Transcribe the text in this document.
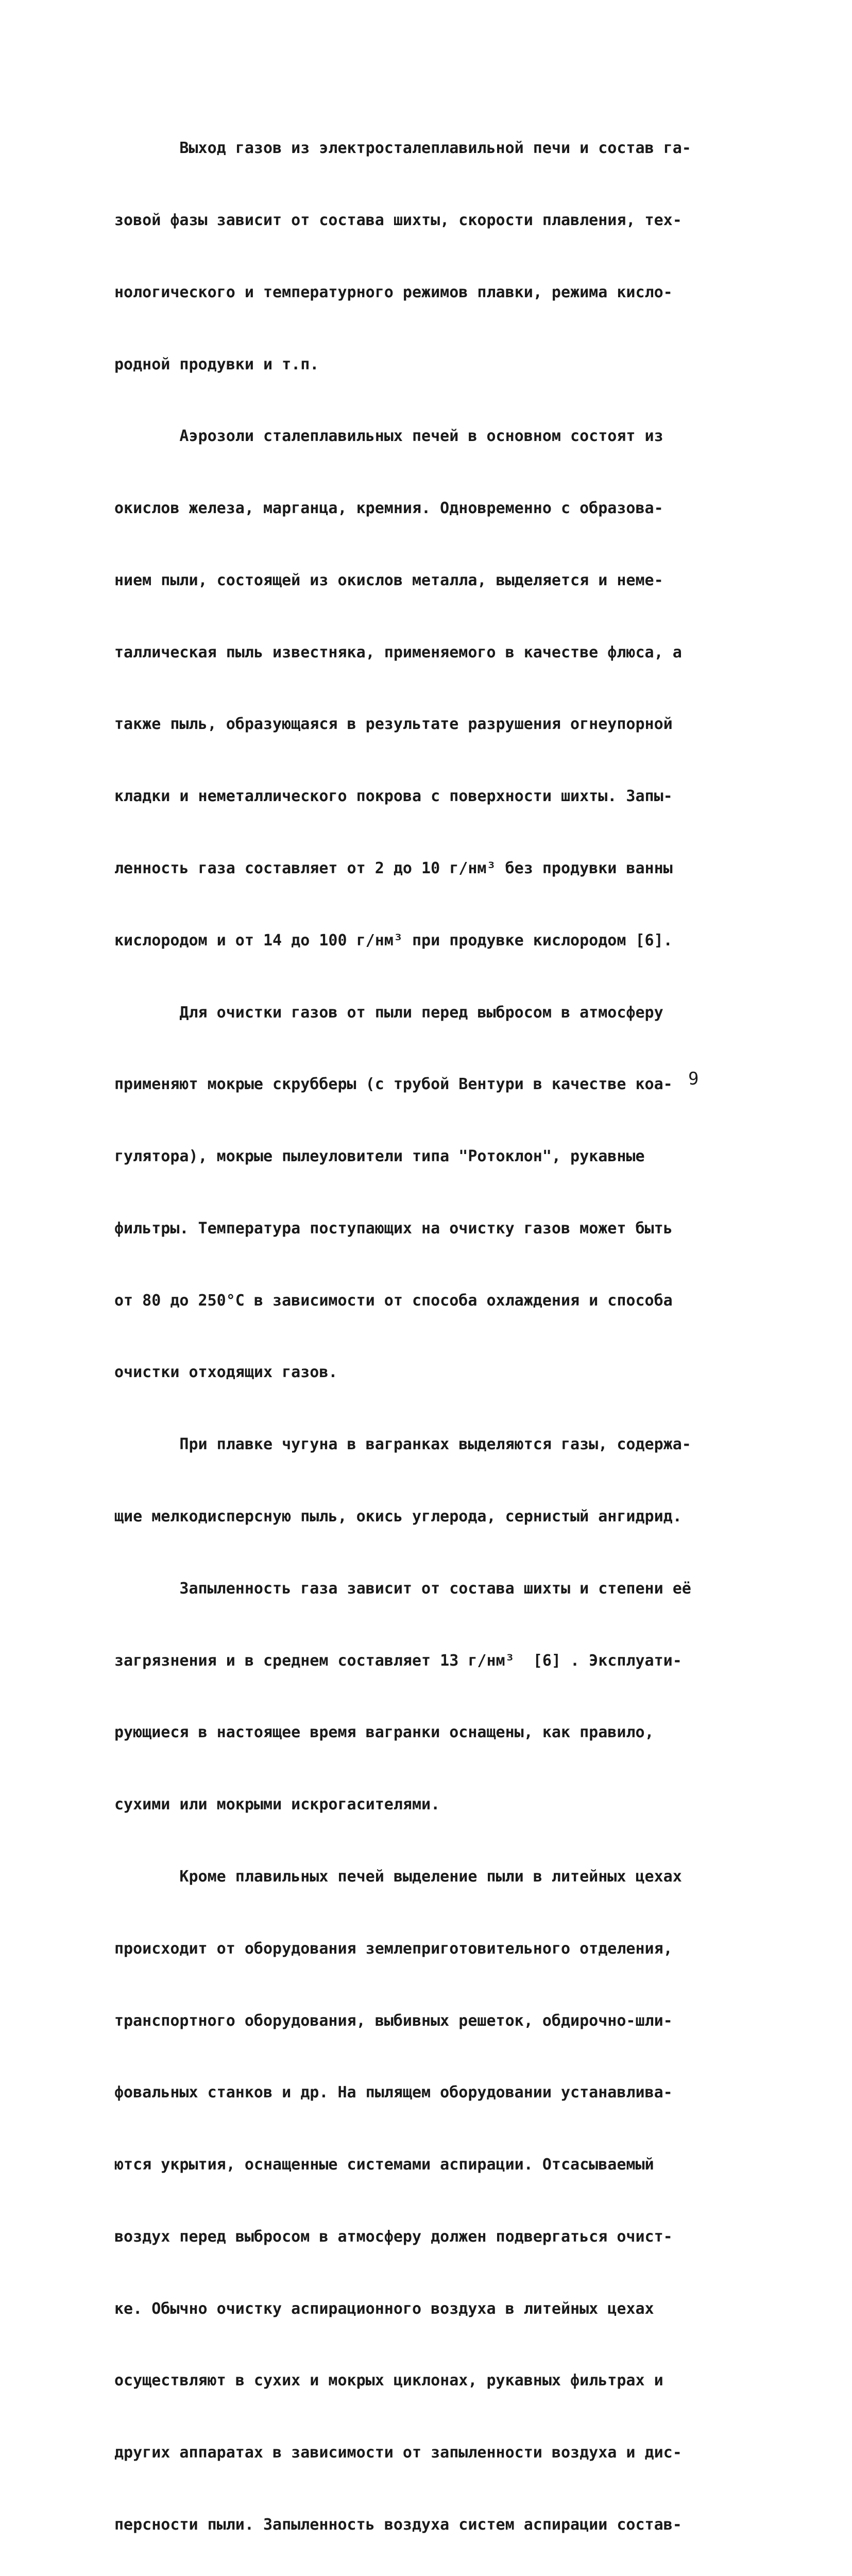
Выход газов из электросталеплавильной печи и состав га-

зовой фазы зависит от состава шихты, скорости плавления, тех-

нологического и температурного режимов плавки, режима кисло-

родной продувки и т.п.

Аэрозоли сталеплавильных печей в основном состоят из

окислов железа, марганца, кремния. Одновременно с образова-

нием пыли, состоящей из окислов металла, выделяется и неме-

таллическая пыль известняка, применяемого в качестве флюса, а

также пыль, образующаяся в результате разрушения огнеупорной

кладки и неметаллического покрова с поверхности шихты. Запы-

ленность газа составляет от 2 до 10 г/нм³ без продувки ванны

кислородом и от 14 до 100 г/нм³ при продувке кислородом [6].

Для очистки газов от пыли перед выбросом в атмосферу

применяют мокрые скрубберы (с трубой Вентури в качестве коа-

гулятора), мокрые пылеуловители типа "Ротоклон", рукавные

фильтры. Температура поступающих на очистку газов может быть

от 80 до 250°С в зависимости от способа охлаждения и способа

очистки отходящих газов.

При плавке чугуна в вагранках выделяются газы, содержа-

щие мелкодисперсную пыль, окись углерода, сернистый ангидрид.

Запыленность газа зависит от состава шихты и степени её

загрязнения и в среднем составляет 13 г/нм³  [6] . Эксплуати-

рующиеся в настоящее время вагранки оснащены, как правило,

сухими или мокрыми искрогасителями.

Кроме плавильных печей выделение пыли в литейных цехах

происходит от оборудования землеприготовительного отделения,

транспортного оборудования, выбивных решеток, обдирочно-шли-

фовальных станков и др. На пылящем оборудовании устанавлива-

ются укрытия, оснащенные системами аспирации. Отсасываемый

воздух перед выбросом в атмосферу должен подвергаться очист-

ке. Обычно очистку аспирационного воздуха в литейных цехах

осуществляют в сухих и мокрых циклонах, рукавных фильтрах и

других аппаратах в зависимости от запыленности воздуха и дис-

персности пыли. Запыленность воздуха систем аспирации состав-

9
